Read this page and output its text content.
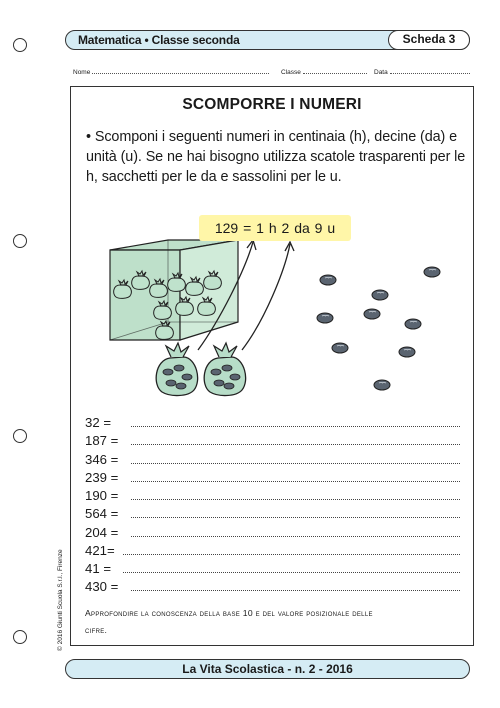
Matematica • Classe seconda	Scheda 3
Nome	Classe	Data
SCOMPORRE I NUMERI
• Scomponi i seguenti numeri in centinaia (h), decine (da) e unità (u). Se ne hai bisogno utilizza scatole trasparenti per le h, sacchetti per le da e sassolini per le u.
129 = 1 h 2 da 9 u
32 =
187 =
346 =
239 =
190 =
564 =
204 =
421=
41 =
430 =
Approfondire la conoscenza della base 10 e del valore posizionale delle
cifre.
© 2016 Giunti Scuola S.r.l., Firenze
La Vita Scolastica - n. 2 - 2016
